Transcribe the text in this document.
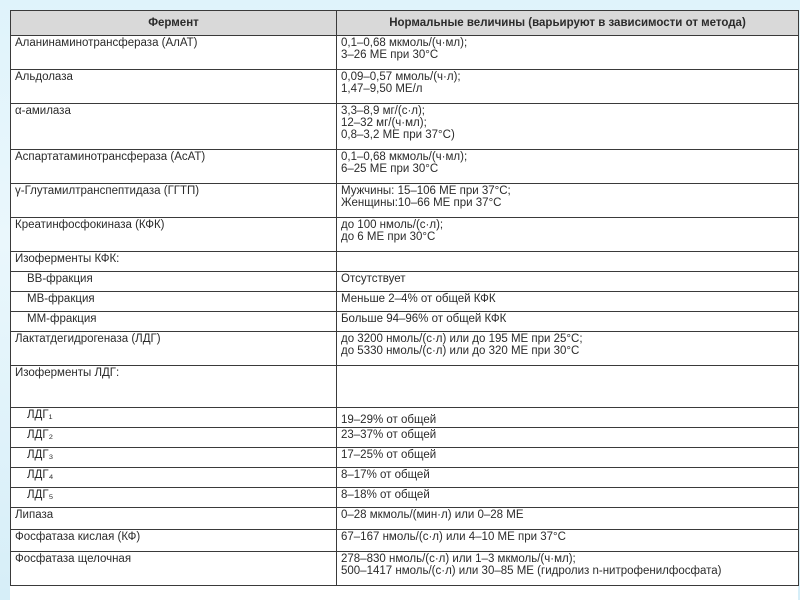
Фермент	Нормальные величины (варьируют в зависимости от метода)
Аланинаминотрансфераза (АлАТ)	0,1–0,68 мкмоль/(ч·мл);
3–26 МЕ при 30°С

Альдолаза	0,09–0,57 ммоль/(ч·л);
1,47–9,50 МЕ/л

α-амилаза	3,3–8,9 мг/(с·л);
12–32 мг/(ч·мл);
0,8–3,2 МЕ при 37°С)

Аспартатаминотрансфераза (АсАТ)	0,1–0,68 мкмоль/(ч·мл);
6–25 МЕ при 30°С

γ-Глутамилтранспептидаза (ГГТП)	Мужчины: 15–106 МЕ при 37°С;
Женщины:10–66 МЕ при 37°С

Креатинфосфокиназа (КФК)	до 100 нмоль/(с·л);
до 6 МЕ при 30°С

Изоферменты КФК:	

ВВ-фракция	Отсутствует

МВ-фракция	Меньше 2–4% от общей КФК

ММ-фракция	Больше 94–96% от общей КФК

Лактатдегидрогеназа (ЛДГ)	до 3200 нмоль/(с·л) или до 195 МЕ при 25°С;
до 5330 нмоль/(с·л) или до 320 МЕ при 30°С

Изоферменты ЛДГ:	

ЛДГ₁	19–29% от общей

ЛДГ₂	23–37% от общей

ЛДГ₃	17–25% от общей

ЛДГ₄	8–17% от общей

ЛДГ₅	8–18% от общей

Липаза	0–28 мкмоль/(мин·л) или 0–28 МЕ

Фосфатаза кислая (КФ)	67–167 нмоль/(с·л) или 4–10 МЕ при 37°С

Фосфатаза щелочная	278–830 нмоль/(с·л) или 1–3 мкмоль/(ч·мл);
500–1417 нмоль/(с·л) или 30–85 МЕ (гидролиз n-нитрофенилфосфата)
